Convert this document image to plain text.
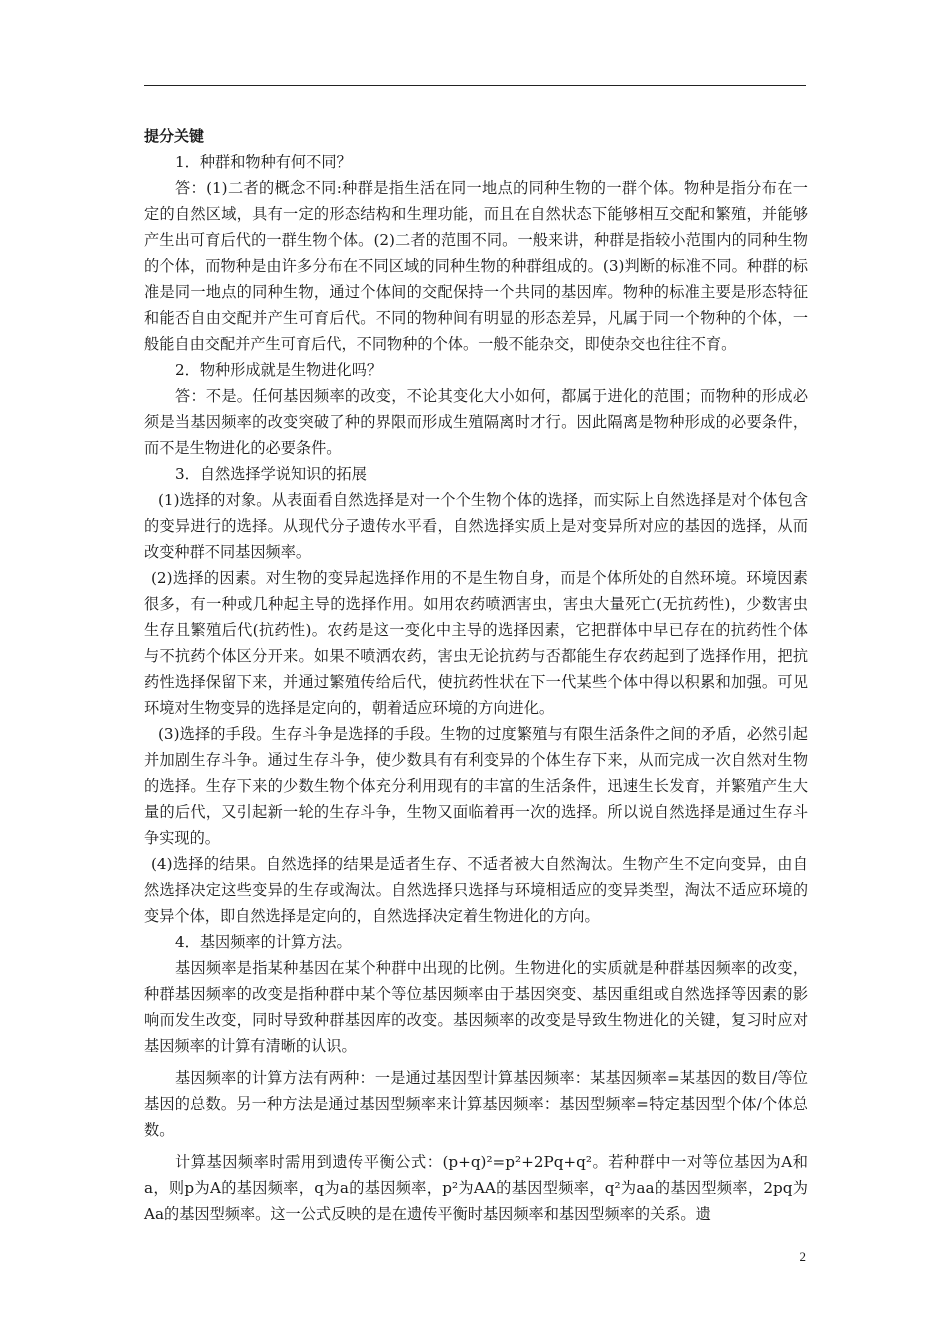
提分关键

1．种群和物种有何不同？

答：(1)二者的概念不同:种群是指生活在同一地点的同种生物的一群个体。物种是指分布在一定的自然区域，具有一定的形态结构和生理功能，而且在自然状态下能够相互交配和繁殖，并能够产生出可育后代的一群生物个体。(2)二者的范围不同。一般来讲，种群是指较小范围内的同种生物的个体，而物种是由许多分布在不同区域的同种生物的种群组成的。(3)判断的标准不同。种群的标准是同一地点的同种生物，通过个体间的交配保持一个共同的基因库。物种的标准主要是形态特征和能否自由交配并产生可育后代。不同的物种间有明显的形态差异，凡属于同一个物种的个体，一般能自由交配并产生可育后代，不同物种的个体。一般不能杂交，即使杂交也往往不育。

2．物种形成就是生物进化吗？

答：不是。任何基因频率的改变，不论其变化大小如何，都属于进化的范围；而物种的形成必须是当基因频率的改变突破了种的界限而形成生殖隔离时才行。因此隔离是物种形成的必要条件，而不是生物进化的必要条件。

3．自然选择学说知识的拓展

(1)选择的对象。从表面看自然选择是对一个个生物个体的选择，而实际上自然选择是对个体包含的变异进行的选择。从现代分子遗传水平看，自然选择实质上是对变异所对应的基因的选择，从而改变种群不同基因频率。

(2)选择的因素。对生物的变异起选择作用的不是生物自身，而是个体所处的自然环境。环境因素很多，有一种或几种起主导的选择作用。如用农药喷洒害虫，害虫大量死亡(无抗药性)，少数害虫生存且繁殖后代(抗药性)。农药是这一变化中主导的选择因素，它把群体中早已存在的抗药性个体与不抗药个体区分开来。如果不喷洒农药，害虫无论抗药与否都能生存农药起到了选择作用，把抗药性选择保留下来，并通过繁殖传给后代，使抗药性状在下一代某些个体中得以积累和加强。可见环境对生物变异的选择是定向的，朝着适应环境的方向进化。

(3)选择的手段。生存斗争是选择的手段。生物的过度繁殖与有限生活条件之间的矛盾，必然引起并加剧生存斗争。通过生存斗争，使少数具有有利变异的个体生存下来，从而完成一次自然对生物的选择。生存下来的少数生物个体充分利用现有的丰富的生活条件，迅速生长发育，并繁殖产生大量的后代，又引起新一轮的生存斗争，生物又面临着再一次的选择。所以说自然选择是通过生存斗争实现的。

(4)选择的结果。自然选择的结果是适者生存、不适者被大自然淘汰。生物产生不定向变异，由自然选择决定这些变异的生存或淘汰。自然选择只选择与环境相适应的变异类型，淘汰不适应环境的变异个体，即自然选择是定向的，自然选择决定着生物进化的方向。

4．基因频率的计算方法。

基因频率是指某种基因在某个种群中出现的比例。生物进化的实质就是种群基因频率的改变，种群基因频率的改变是指种群中某个等位基因频率由于基因突变、基因重组或自然选择等因素的影响而发生改变，同时导致种群基因库的改变。基因频率的改变是导致生物进化的关键，复习时应对基因频率的计算有清晰的认识。

基因频率的计算方法有两种：一是通过基因型计算基因频率：某基因频率=某基因的数目/等位基因的总数。另一种方法是通过基因型频率来计算基因频率：基因型频率=特定基因型个体/个体总数。

计算基因频率时需用到遗传平衡公式：(p+q)²=p²+2Pq+q²。若种群中一对等位基因为A和a，则p为A的基因频率，q为a的基因频率，p²为AA的基因型频率，q²为aa的基因型频率，2pq为Aa的基因型频率。这一公式反映的是在遗传平衡时基因频率和基因型频率的关系。遗

2
